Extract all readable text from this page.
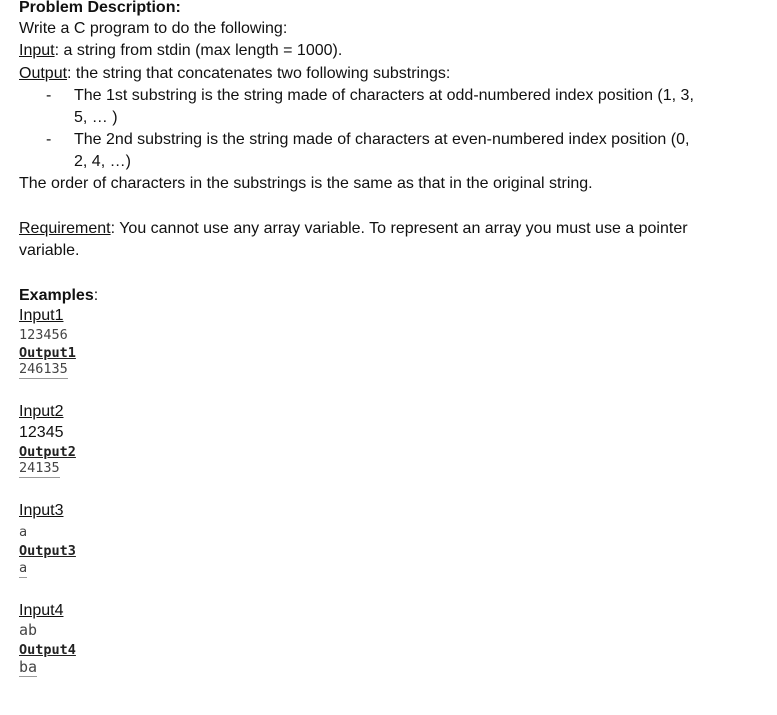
Problem Description:
Write a C program to do the following:
Input: a string from stdin (max length = 1000).
Output: the string that concatenates two following substrings:
- The 1st substring is the string made of characters at odd-numbered index position (1, 3,
5, … )
- The 2nd substring is the string made of characters at even-numbered index position (0,
2, 4, …)
The order of characters in the substrings is the same as that in the original string.
Requirement: You cannot use any array variable. To represent an array you must use a pointer
variable.
Examples:
Input1
123456
Output1
246135
Input2
12345
Output2
24135
Input3
a
Output3
a
Input4
ab
Output4
ba
